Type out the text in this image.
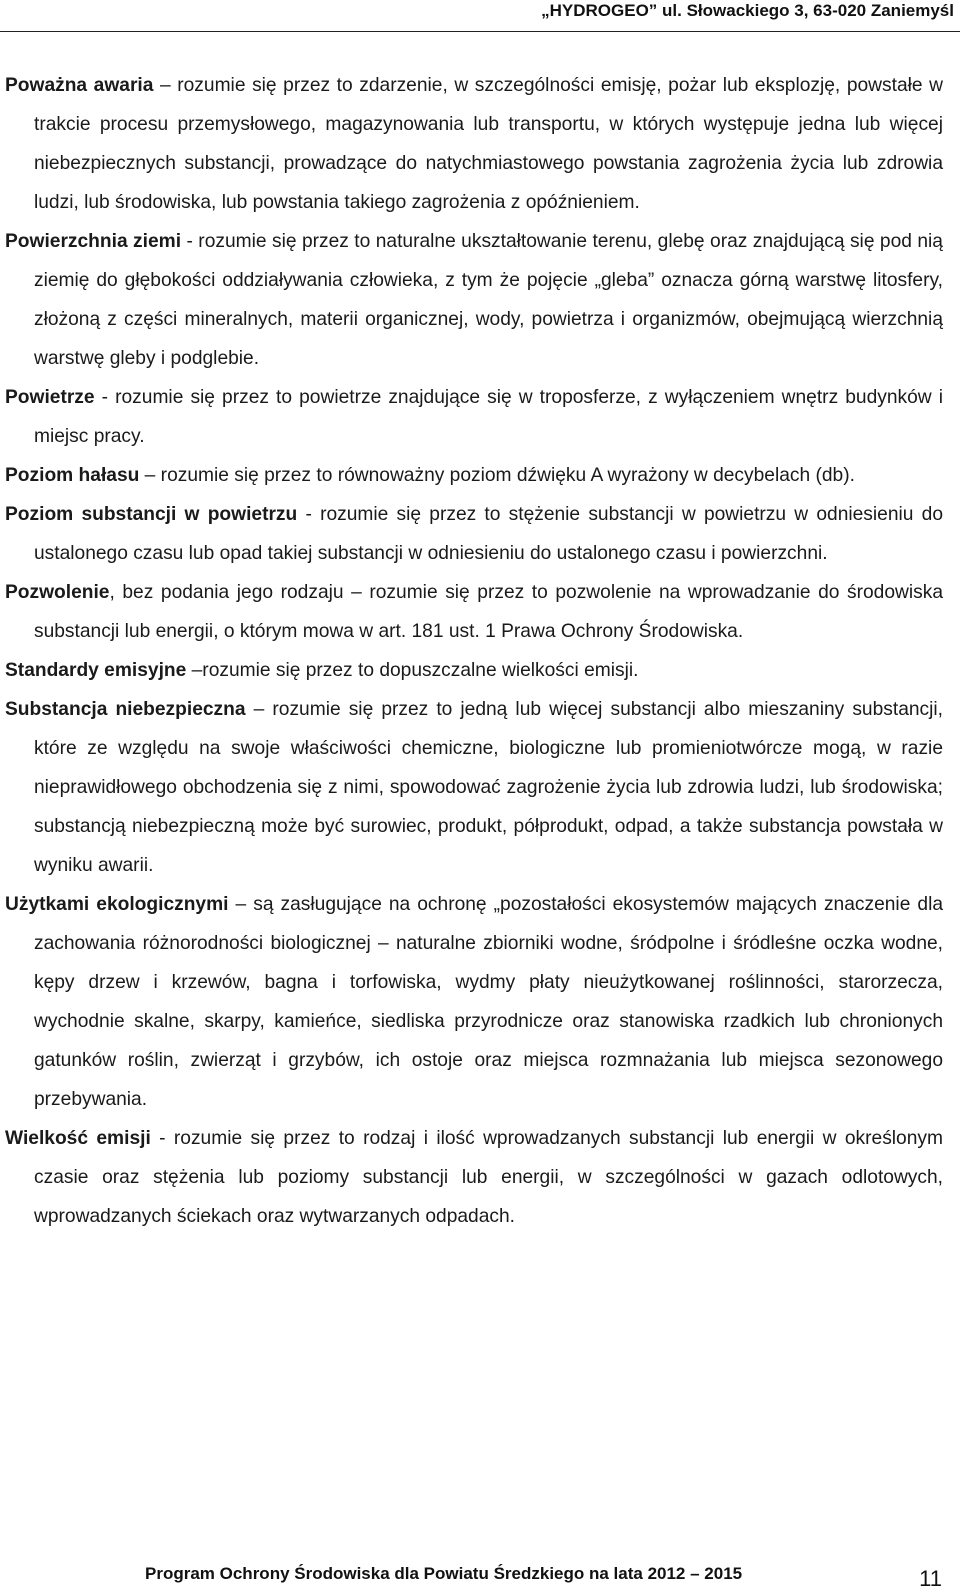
„HYDROGEO” ul. Słowackiego 3, 63-020 Zaniemyśl

Poważna awaria – rozumie się przez to zdarzenie, w szczególności emisję, pożar lub eksplozję, powstałe w trakcie procesu przemysłowego, magazynowania lub transportu, w których występuje jedna lub więcej niebezpiecznych substancji, prowadzące do natychmiastowego powstania zagrożenia życia lub zdrowia ludzi, lub środowiska, lub powstania takiego zagrożenia z opóźnieniem.

Powierzchnia ziemi - rozumie się przez to naturalne ukształtowanie terenu, glebę oraz znajdującą się pod nią ziemię do głębokości oddziaływania człowieka, z tym że pojęcie „gleba” oznacza górną warstwę litosfery, złożoną z części mineralnych, materii organicznej, wody, powietrza i organizmów, obejmującą wierzchnią warstwę gleby i podglebie.

Powietrze - rozumie się przez to powietrze znajdujące się w troposferze, z wyłączeniem wnętrz budynków i miejsc pracy.

Poziom hałasu – rozumie się przez to równoważny poziom dźwięku A wyrażony w decybelach (db).

Poziom substancji w powietrzu - rozumie się przez to stężenie substancji w powietrzu w odniesieniu do ustalonego czasu lub opad takiej substancji w odniesieniu do ustalonego czasu i powierzchni.

Pozwolenie, bez podania jego rodzaju – rozumie się przez to pozwolenie na wprowadzanie do środowiska substancji lub energii, o którym mowa w art. 181 ust. 1 Prawa Ochrony Środowiska.

Standardy emisyjne –rozumie się przez to dopuszczalne wielkości emisji.

Substancja niebezpieczna – rozumie się przez to jedną lub więcej substancji albo mieszaniny substancji, które ze względu na swoje właściwości chemiczne, biologiczne lub promieniotwórcze mogą, w razie nieprawidłowego obchodzenia się z nimi, spowodować zagrożenie życia lub zdrowia ludzi, lub środowiska; substancją niebezpieczną może być surowiec, produkt, półprodukt, odpad, a także substancja powstała w wyniku awarii.

Użytkami ekologicznymi – są zasługujące na ochronę „pozostałości ekosystemów mających znaczenie dla zachowania różnorodności biologicznej – naturalne zbiorniki wodne, śródpolne i śródleśne oczka wodne, kępy drzew i krzewów, bagna i torfowiska, wydmy płaty nieużytkowanej roślinności, starorzecza, wychodnie skalne, skarpy, kamieńce, siedliska przyrodnicze oraz stanowiska rzadkich lub chronionych gatunków roślin, zwierząt i grzybów, ich ostoje oraz miejsca rozmnażania lub miejsca sezonowego przebywania.

Wielkość emisji - rozumie się przez to rodzaj i ilość wprowadzanych substancji lub energii w określonym czasie oraz stężenia lub poziomy substancji lub energii, w szczególności w gazach odlotowych, wprowadzanych ściekach oraz wytwarzanych odpadach.

Program Ochrony Środowiska dla Powiatu Średzkiego na lata 2012 – 2015	11
